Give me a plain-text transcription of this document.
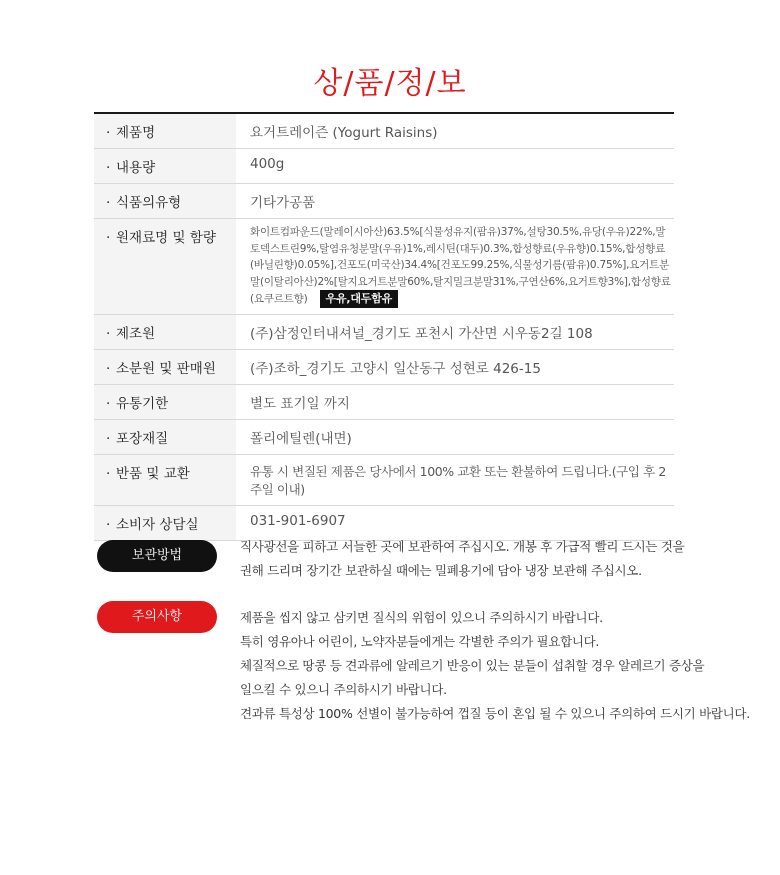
상/품/정/보
· 제품명	요거트레이즌 (Yogurt Raisins)
· 내용량	400g
· 식품의유형	기타가공품
· 원재료명 및 함량	화이트컴파운드(말레이시아산)63.5%[식물성유지(팜유)37%,설탕30.5%,유당(우유)22%,말토덱스트린9%,탈염유청분말(우유)1%,레시틴(대두)0.3%,합성향료(우유향)0.15%,합성향료(바닐린향)0.05%],건포도(미국산)34.4%[건포도99.25%,식물성기름(팜유)0.75%],요거트분말(이탈리아산)2%[탈지요거트분말60%,탈지밀크분말31%,구연산6%,요거트향3%],합성향료(요쿠르트향) 우유,대두함유
· 제조원	(주)삼정인터내셔널_경기도 포천시 가산면 시우동2길 108
· 소분원 및 판매원	(주)조하_경기도 고양시 일산동구 성현로 426-15
· 유통기한	별도 표기일 까지
· 포장재질	폴리에틸렌(내면)
· 반품 및 교환	유통 시 변질된 제품은 당사에서 100% 교환 또는 환불하여 드립니다.(구입 후 2주일 이내)
· 소비자 상담실	031-901-6907
보관방법
직사광선을 피하고 서늘한 곳에 보관하여 주십시오. 개봉 후 가급적 빨리 드시는 것을
권해 드리며 장기간 보관하실 때에는 밀폐용기에 담아 냉장 보관해 주십시오.
주의사항	제품을 씹지 않고 삼키면 질식의 위험이 있으니 주의하시기 바랍니다.
특히 영유아나 어린이, 노약자분들에게는 각별한 주의가 필요합니다.
체질적으로 땅콩 등 견과류에 알레르기 반응이 있는 분들이 섭취할 경우 알레르기 증상을
일으킬 수 있으니 주의하시기 바랍니다.
견과류 특성상 100% 선별이 불가능하여 껍질 등이 혼입 될 수 있으니 주의하여 드시기 바랍니다.
